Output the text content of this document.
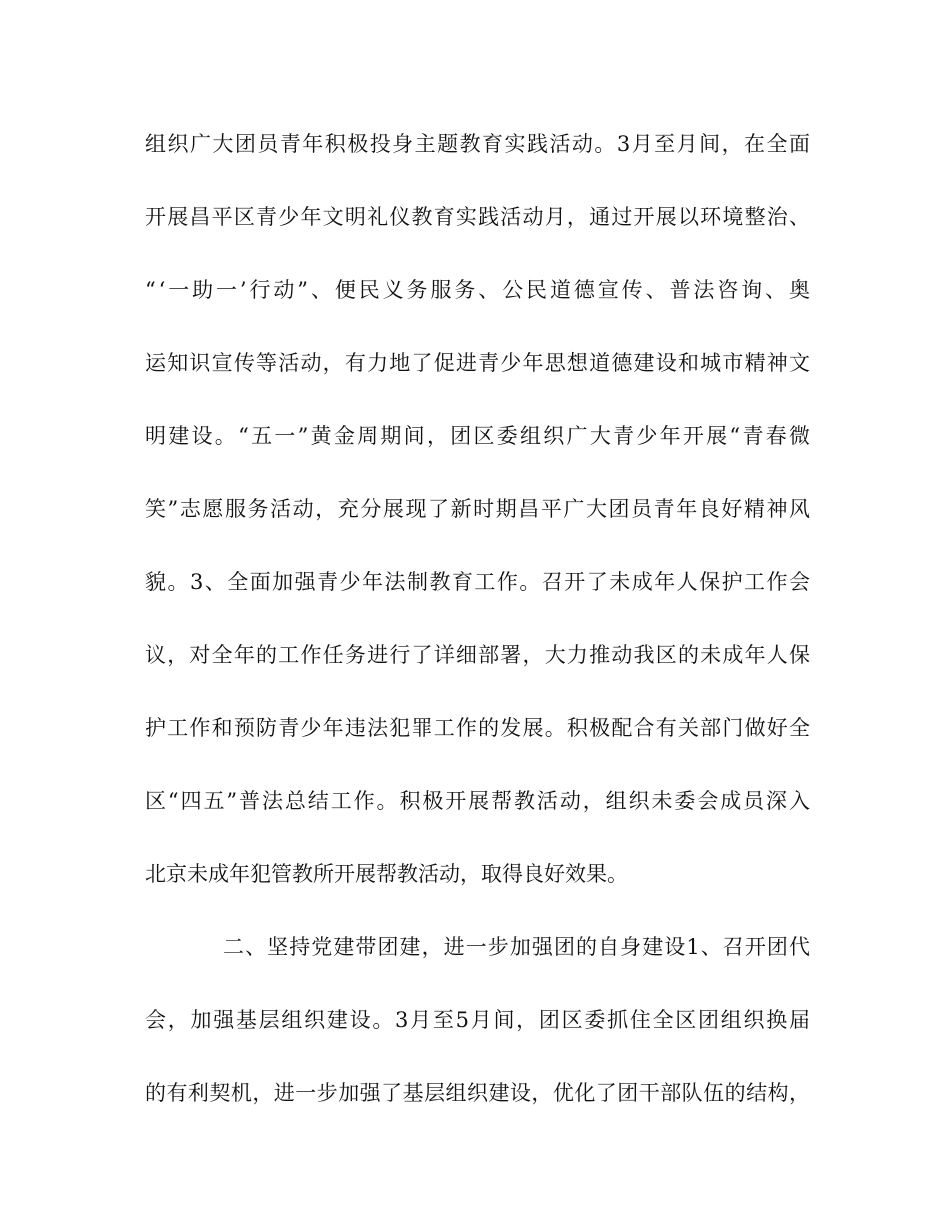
组织广大团员青年积极投身主题教育实践活动。3月至月间，在全面
开展昌平区青少年文明礼仪教育实践活动月，通过开展以环境整治、
“‘一助一’行动”、便民义务服务、公民道德宣传、普法咨询、奥
运知识宣传等活动，有力地了促进青少年思想道德建设和城市精神文
明建设。“五一”黄金周期间，团区委组织广大青少年开展“青春微
笑”志愿服务活动，充分展现了新时期昌平广大团员青年良好精神风
貌。3、全面加强青少年法制教育工作。召开了未成年人保护工作会
议，对全年的工作任务进行了详细部署，大力推动我区的未成年人保
护工作和预防青少年违法犯罪工作的发展。积极配合有关部门做好全
区“四五”普法总结工作。积极开展帮教活动，组织未委会成员深入
北京未成年犯管教所开展帮教活动，取得良好效果。
二、坚持党建带团建，进一步加强团的自身建设1、召开团代
会，加强基层组织建设。3月至5月间，团区委抓住全区团组织换届
的有利契机，进一步加强了基层组织建设，优化了团干部队伍的结构，
